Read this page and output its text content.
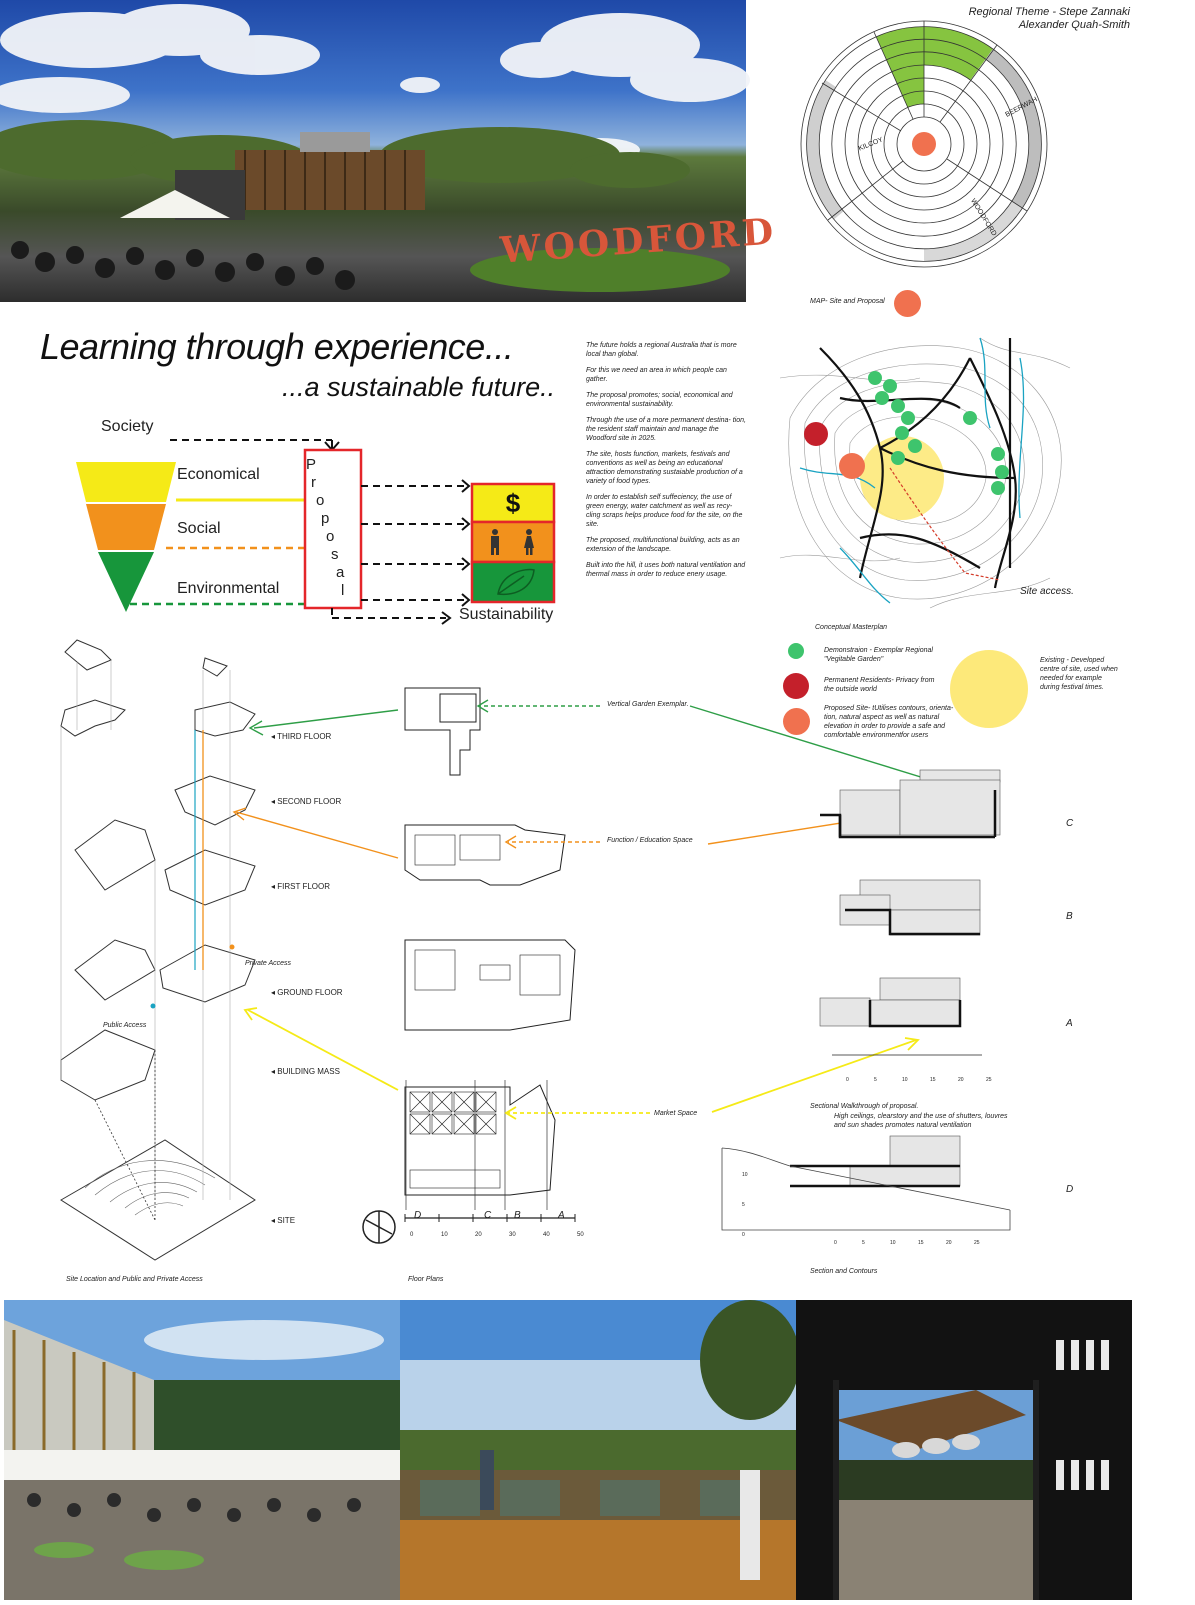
WOODFORD
Regional Theme - Stepe Zannaki
Alexander Quah-Smith
KILCOY
BEERWAH
WOODFORD
MAP- Site and Proposal
Site access.
Conceptual Masterplan
Learning through experience...
...a sustainable future..
Society
Economical
Social
Environmental
$
Sustainability
P
r
o
p
o
s
a
l

The future holds a regional Australia that is more local than global.

For this we need an area in which people can gather.

The proposal promotes; social, economical and environmental sustainability.

Through the use of a more permanent destina- tion, the resident staff maintain and manage the Woodford site in 2025.

The site, hosts function, markets, festivals and conventions as well as being an educational attraction demonstrating sustaiable production of a variety of food types.

In order to establish self suffeciency, the use of green energy, water catchment as well as recy- cling scraps helps produce food for the site, on the site.

The proposed, multifunctional building, acts as an extension of the landscape.

Built into the hill, it uses both natural ventilation and thermal mass in order to reduce enery usage.

Demonstraion - Exemplar Regional "Vegitable Garden"
Permanent Residents- Privacy from the outside world
Proposed Site- tUtilises contours, orienta- tion, natural aspect as well as natural elevation in order to provide a safe and comfortable environmentfor users
Existing - Developed centre of site, used when needed for example during festival times.
◂ THIRD FLOOR
◂ SECOND FLOOR
◂ FIRST FLOOR
◂ GROUND FLOOR
◂ BUILDING MASS
◂ SITE
Private Access
Public Access
Site Location and Public and Private Access
D	C B	A
0	10	20	30	40	50
Floor Plans
Vertical Garden Exemplar.
Function / Education Space
Market Space
C
B
A
D
0	5	10	15	20	25
Sectional Walkthrough of proposal.
High ceilings, clearstory and the use of shutters, louvres and sun shades promotes natural ventilation
10
5
0
0	5	10	15	20	25
Section and Contours
